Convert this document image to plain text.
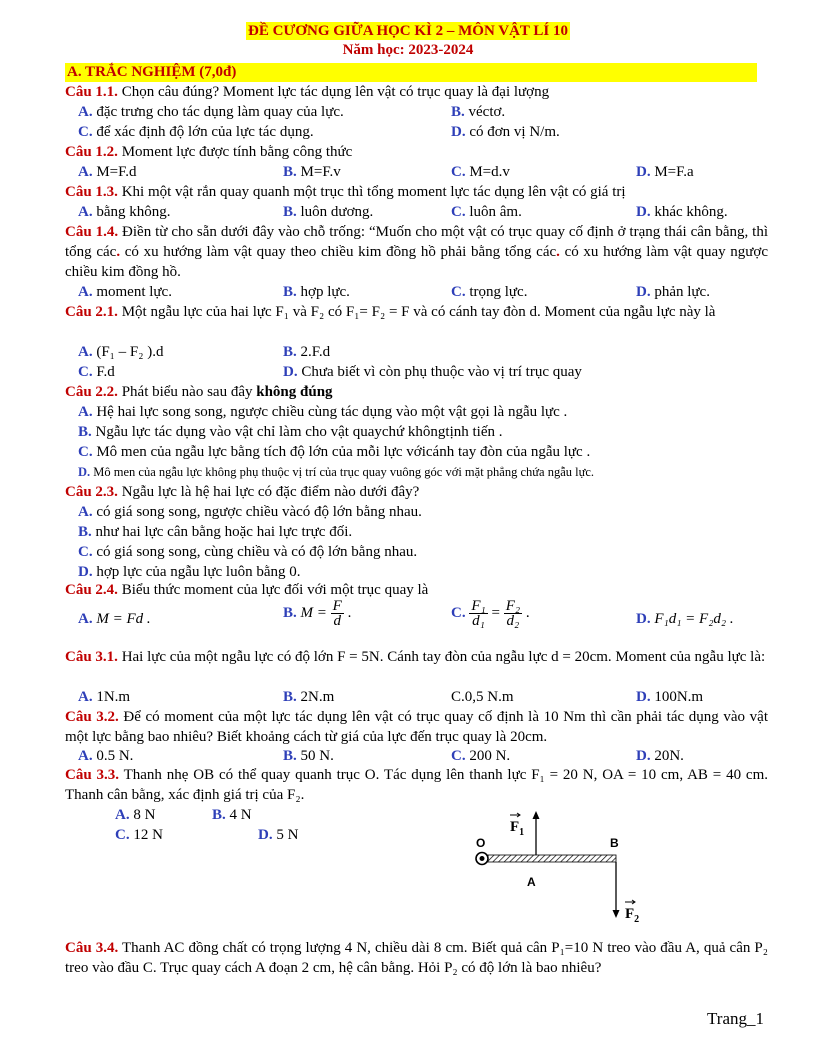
ĐỀ CƯƠNG GIỮA HỌC KÌ 2 – MÔN VẬT LÍ 10
Năm học: 2023-2024
A. TRẮC NGHIỆM (7,0đ)
Câu 1.1. Chọn câu đúng? Moment lực tác dụng lên vật có trục quay là đại lượng
A. đặc trưng cho tác dụng làm quay của lực.	B. véctơ.
C. để xác định độ lớn của lực tác dụng.	D. có đơn vị N/m.
Câu 1.2. Moment lực được tính bằng công thức
A. M=F.d	B. M=F.v	C. M=d.v	D. M=F.a
Câu 1.3. Khi một vật rắn quay quanh một trục thì tổng moment lực tác dụng lên vật có giá trị
A. bằng không.	B. luôn dương.	C. luôn âm.	D. khác không.
Câu 1.4. Điền từ cho sẵn dưới đây vào chỗ trống: “Muốn cho một vật có trục quay cố định ở trạng thái cân bằng, thì tổng các. có xu hướng làm vật quay theo chiều kim đồng hồ phải bằng tổng các. có xu hướng làm vật quay ngược chiều kim đồng hồ.
A. moment lực.	B. hợp lực.	C. trọng lực.	D. phản lực.
Câu 2.1. Một ngẫu lực của hai lực F₁ và F₂ có F₁= F₂ = F và có cánh tay đòn d. Moment của ngẫu lực này là
A. (F₁ – F₂ ).d	B. 2.F.d
C. F.d	D. Chưa biết vì còn phụ thuộc vào vị trí trục quay
Câu 2.2. Phát biểu nào sau đây không đúng
A. Hệ hai lực song song, ngược chiều cùng tác dụng vào một vật gọi là ngẫu lực .
B. Ngẫu lực tác dụng vào vật chỉ làm cho vật quaychứ khôngtịnh tiến .
C. Mô men của ngẫu lực bằng tích độ lớn của mỗi lực vớicánh tay đòn của ngẫu lực .
D. Mô men của ngẫu lực không phụ thuộc vị trí của trục quay vuông góc với mặt phẳng chứa ngẫu lực.
Câu 2.3. Ngẫu lực là hệ hai lực có đặc điểm nào dưới đây?
A. có giá song song, ngược chiều vàcó độ lớn bằng nhau.
B. như hai lực cân bằng hoặc hai lực trực đối.
C. có giá song song, cùng chiều và có độ lớn bằng nhau.
D. hợp lực của ngẫu lực luôn bằng 0.
Câu 2.4. Biểu thức moment của lực đối với một trục quay là
A. M = Fd .	B. $M = \frac{F}{d}$ .	C. $\frac{\text{F₁}}{\text{d₁}} = \frac{\text{F₂}}{\text{d₂}}$ .	D. F₁d₁ = F₂d₂ .
Câu 3.1. Hai lực của một ngẫu lực có độ lớn F = 5N. Cánh tay đòn của ngẫu lực d = 20cm. Moment của ngẫu lực là:
A. 1N.m	B. 2N.m	C.0,5 N.m	D. 100N.m
Câu 3.2. Để có moment của một lực tác dụng lên vật có trục quay cố định là 10 Nm thì cần phải tác dụng vào vật một lực bằng bao nhiêu? Biết khoảng cách từ giá của lực đến trục quay là 20cm.
A. 0.5 N.	B. 50 N.	C. 200 N.	D. 20N.
Câu 3.3. Thanh nhẹ OB có thể quay quanh trục O. Tác dụng lên thanh lực F₁ = 20 N, OA = 10 cm, AB = 40 cm. Thanh cân bằng, xác định giá trị của F₂.
A. 8 N	B. 4 N
C. 12 N	D. 5 N	$F_1$
$F_2$
O	B
A
Câu 3.4. Thanh AC đồng chất có trọng lượng 4 N, chiều dài 8 cm. Biết quả cân P₁=10 N treo vào đầu A, quả cân P₂ treo vào đầu C. Trục quay cách A đoạn 2 cm, hệ cân bằng. Hỏi P₂ có độ lớn là bao nhiêu?
Trang_1
